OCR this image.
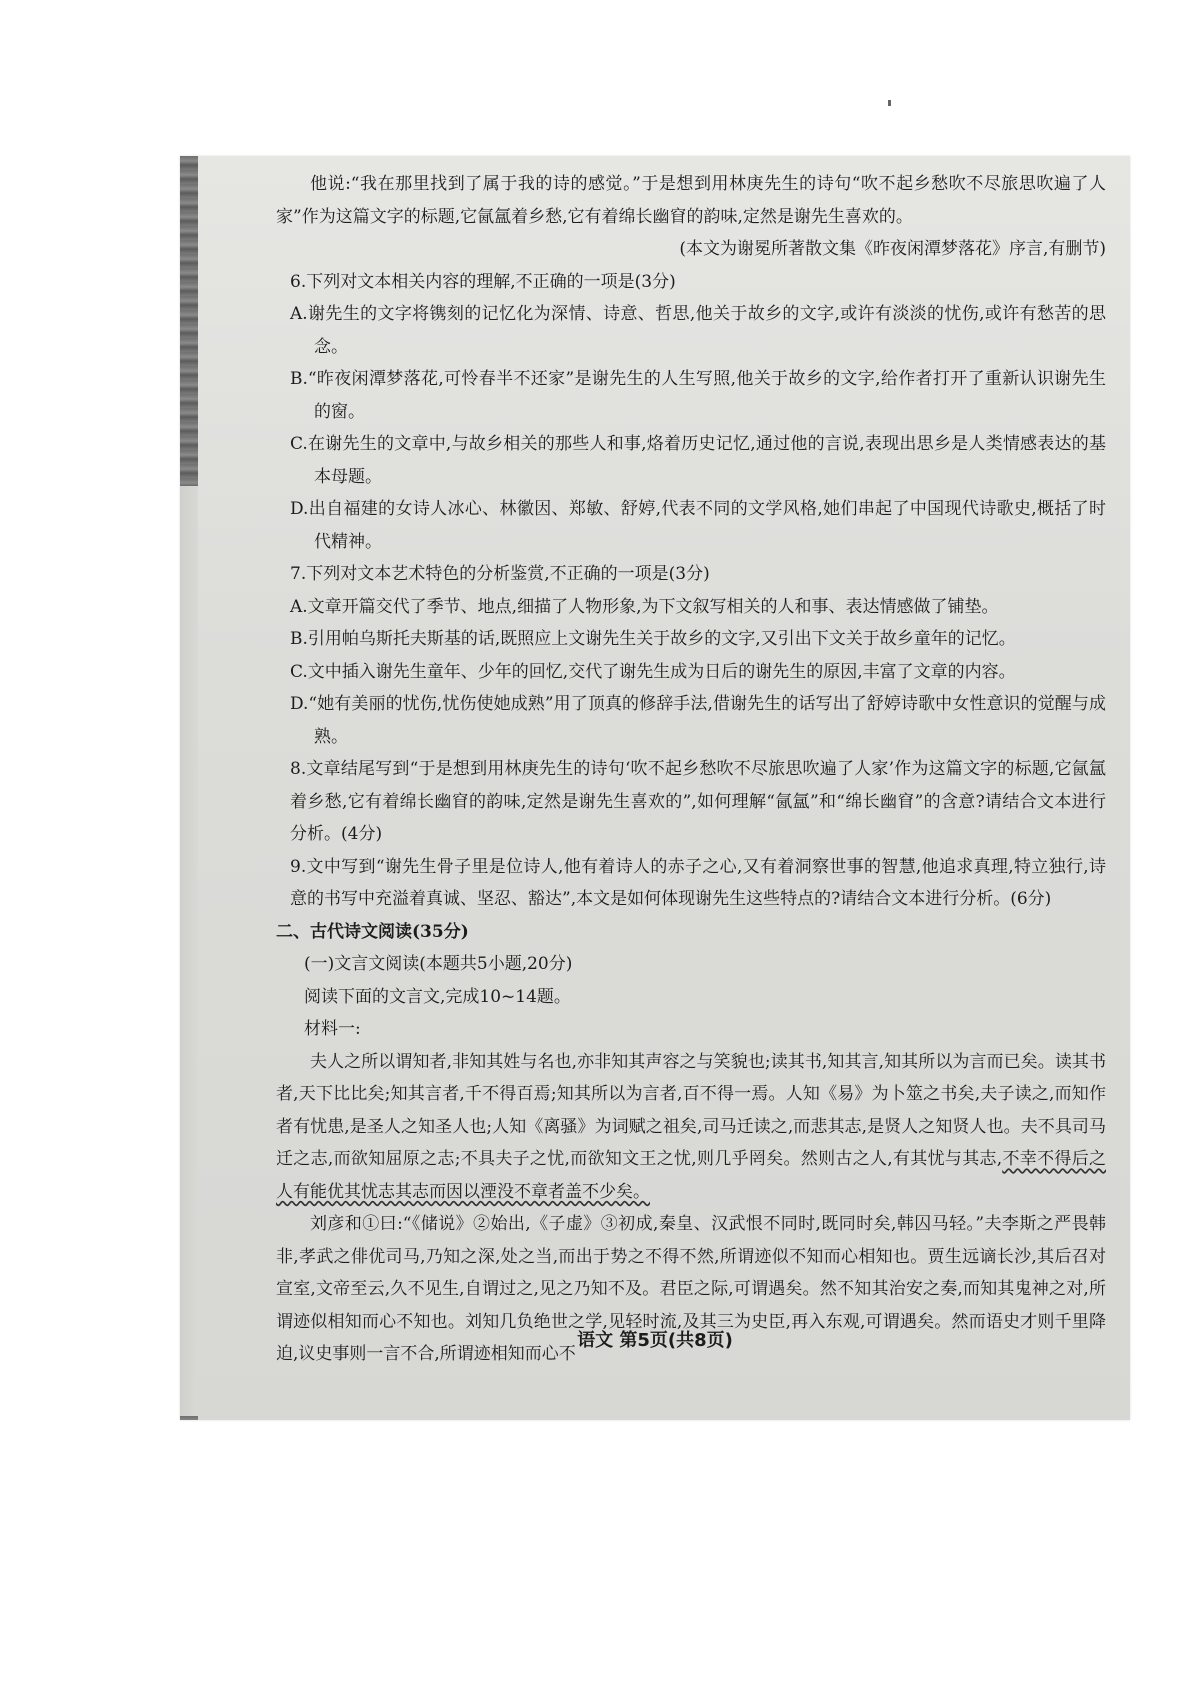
他说:“我在那里找到了属于我的诗的感觉。”于是想到用林庚先生的诗句“吹不起乡愁吹不尽旅思吹遍了人家”作为这篇文字的标题,它氤氲着乡愁,它有着绵长幽窅的韵味,定然是谢先生喜欢的。

(本文为谢冕所著散文集《昨夜闲潭梦落花》序言,有删节)

6.下列对文本相关内容的理解,不正确的一项是(3分)

A.谢先生的文字将镌刻的记忆化为深情、诗意、哲思,他关于故乡的文字,或许有淡淡的忧伤,或许有愁苦的思念。

B.“昨夜闲潭梦落花,可怜春半不还家”是谢先生的人生写照,他关于故乡的文字,给作者打开了重新认识谢先生的窗。

C.在谢先生的文章中,与故乡相关的那些人和事,烙着历史记忆,通过他的言说,表现出思乡是人类情感表达的基本母题。

D.出自福建的女诗人冰心、林徽因、郑敏、舒婷,代表不同的文学风格,她们串起了中国现代诗歌史,概括了时代精神。

7.下列对文本艺术特色的分析鉴赏,不正确的一项是(3分)

A.文章开篇交代了季节、地点,细描了人物形象,为下文叙写相关的人和事、表达情感做了铺垫。

B.引用帕乌斯托夫斯基的话,既照应上文谢先生关于故乡的文字,又引出下文关于故乡童年的记忆。

C.文中插入谢先生童年、少年的回忆,交代了谢先生成为日后的谢先生的原因,丰富了文章的内容。

D.“她有美丽的忧伤,忧伤使她成熟”用了顶真的修辞手法,借谢先生的话写出了舒婷诗歌中女性意识的觉醒与成熟。

8.文章结尾写到“于是想到用林庚先生的诗句‘吹不起乡愁吹不尽旅思吹遍了人家’作为这篇文字的标题,它氤氲着乡愁,它有着绵长幽窅的韵味,定然是谢先生喜欢的”,如何理解“氤氲”和“绵长幽窅”的含意?请结合文本进行分析。(4分)

9.文中写到“谢先生骨子里是位诗人,他有着诗人的赤子之心,又有着洞察世事的智慧,他追求真理,特立独行,诗意的书写中充溢着真诚、坚忍、豁达”,本文是如何体现谢先生这些特点的?请结合文本进行分析。(6分)

二、古代诗文阅读(35分)

(一)文言文阅读(本题共5小题,20分)

阅读下面的文言文,完成10~14题。

材料一:

夫人之所以谓知者,非知其姓与名也,亦非知其声容之与笑貌也;读其书,知其言,知其所以为言而已矣。读其书者,天下比比矣;知其言者,千不得百焉;知其所以为言者,百不得一焉。人知《易》为卜筮之书矣,夫子读之,而知作者有忧患,是圣人之知圣人也;人知《离骚》为词赋之祖矣,司马迁读之,而悲其志,是贤人之知贤人也。夫不具司马迁之志,而欲知屈原之志;不具夫子之忧,而欲知文王之忧,则几乎罔矣。然则古之人,有其忧与其志,不幸不得后之人有能优其忧志其志而因以湮没不章者盖不少矣。

刘彦和①曰:“《储说》②始出,《子虚》③初成,秦皇、汉武恨不同时,既同时矣,韩囚马轻。”夫李斯之严畏韩非,孝武之俳优司马,乃知之深,处之当,而出于势之不得不然,所谓迹似不知而心相知也。贾生远谪长沙,其后召对宣室,文帝至云,久不见生,自谓过之,见之乃知不及。君臣之际,可谓遇矣。然不知其治安之奏,而知其鬼神之对,所谓迹似相知而心不知也。刘知几负绝世之学,见轻时流,及其三为史臣,再入东观,可谓遇矣。然而语史才则千里降迫,议史事则一言不合,所谓迹相知而心不

语文 第5页(共8页)
